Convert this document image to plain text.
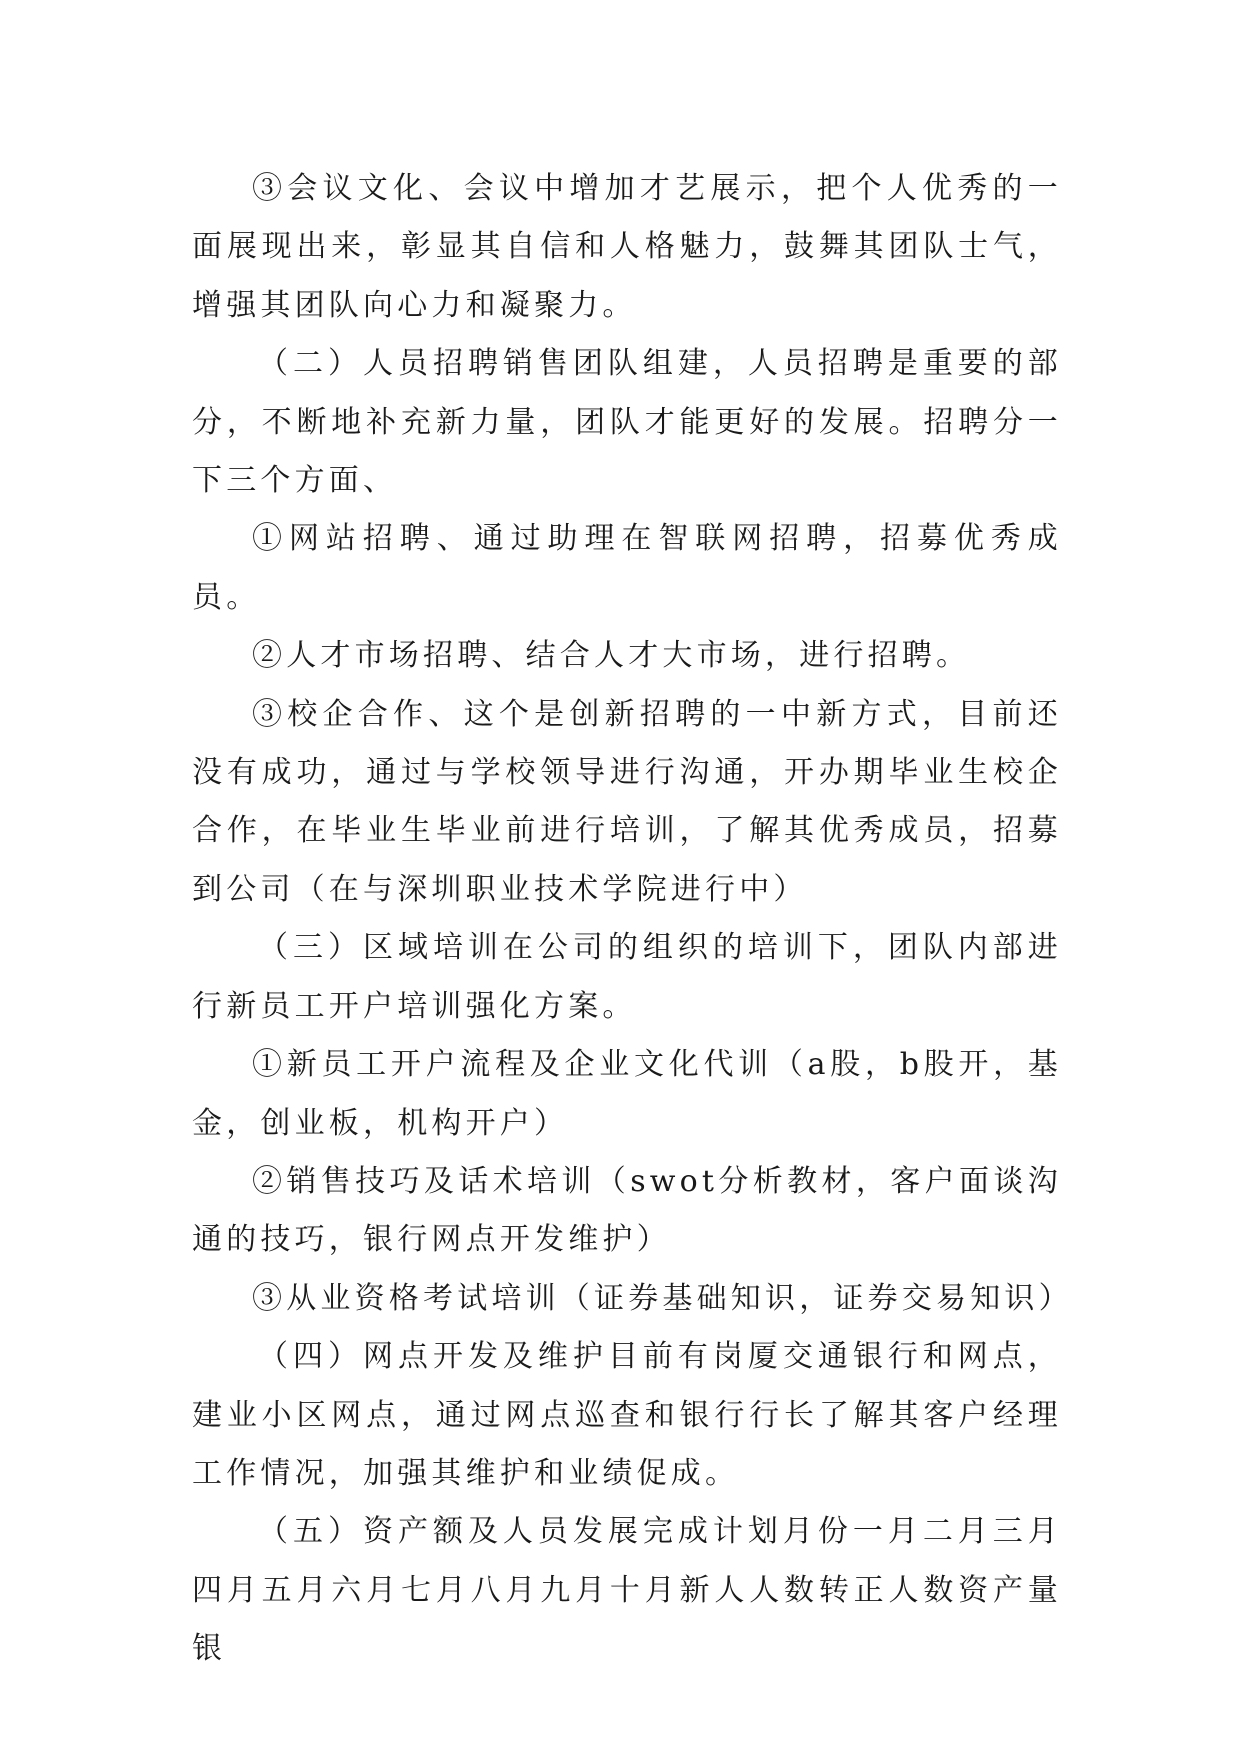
③会议文化、会议中增加才艺展示，把个人优秀的一面展现出来，彰显其自信和人格魅力，鼓舞其团队士气，增强其团队向心力和凝聚力。

（二）人员招聘销售团队组建，人员招聘是重要的部分，不断地补充新力量，团队才能更好的发展。招聘分一下三个方面、

①网站招聘、通过助理在智联网招聘，招募优秀成员。

②人才市场招聘、结合人才大市场，进行招聘。

③校企合作、这个是创新招聘的一中新方式，目前还没有成功，通过与学校领导进行沟通，开办期毕业生校企合作，在毕业生毕业前进行培训，了解其优秀成员，招募到公司（在与深圳职业技术学院进行中）

（三）区域培训在公司的组织的培训下，团队内部进行新员工开户培训强化方案。

①新员工开户流程及企业文化代训（a股，b股开，基金，创业板，机构开户）

②销售技巧及话术培训（swot分析教材，客户面谈沟通的技巧，银行网点开发维护）

③从业资格考试培训（证券基础知识，证券交易知识）

（四）网点开发及维护目前有岗厦交通银行和网点，建业小区网点，通过网点巡查和银行行长了解其客户经理工作情况，加强其维护和业绩促成。

（五）资产额及人员发展完成计划月份一月二月三月四月五月六月七月八月九月十月新人人数转正人数资产量银
